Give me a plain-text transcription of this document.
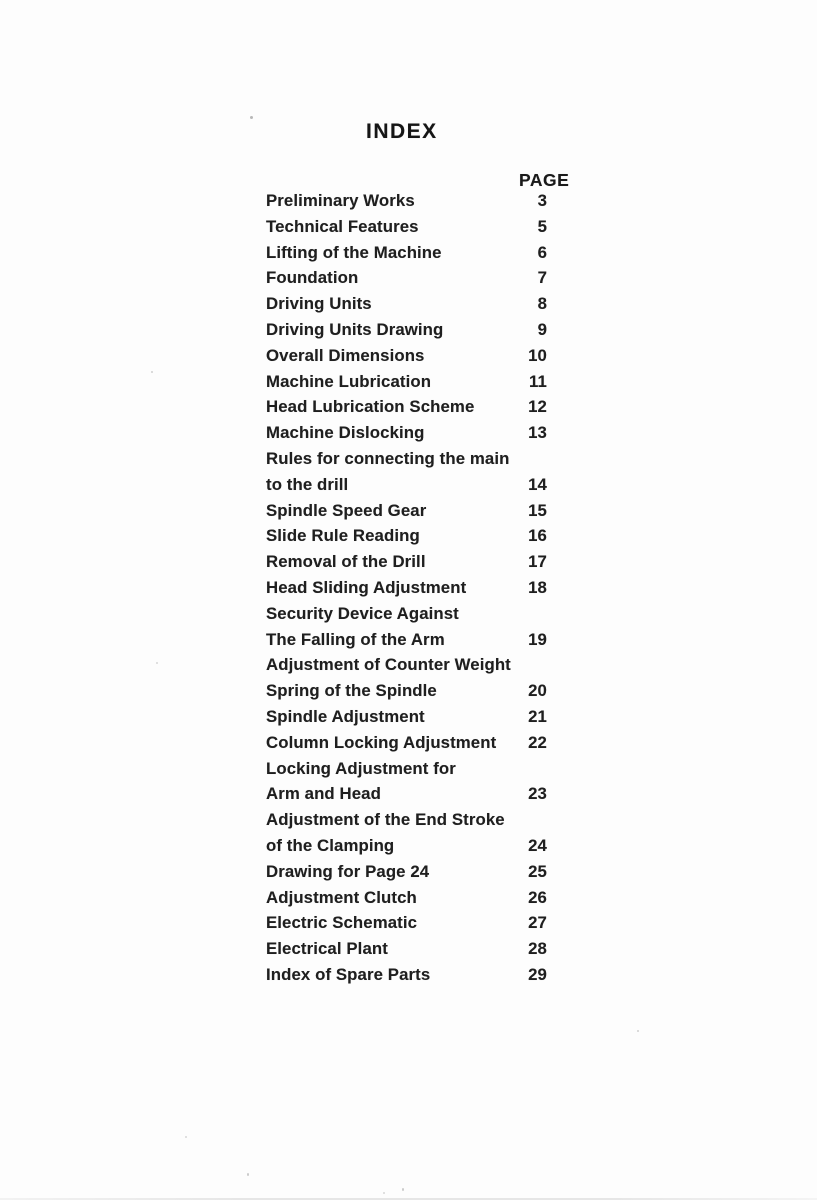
INDEX
PAGE
Preliminary Works	3
Technical Features	5
Lifting of the Machine	6
Foundation	7
Driving Units	8
Driving Units Drawing	9
Overall Dimensions	10
Machine Lubrication	11
Head Lubrication Scheme	12
Machine Dislocking	13
Rules for connecting the main
to the drill	14
Spindle Speed Gear	15
Slide Rule Reading	16
Removal of the Drill	17
Head Sliding Adjustment	18
Security Device Against
The Falling of the Arm	19
Adjustment of Counter Weight
Spring of the Spindle	20
Spindle Adjustment	21
Column Locking Adjustment	22
Locking Adjustment for
Arm and Head	23
Adjustment of the End Stroke
of the Clamping	24
Drawing for Page 24	25
Adjustment Clutch	26
Electric Schematic	27
Electrical Plant	28
Index of Spare Parts	29
